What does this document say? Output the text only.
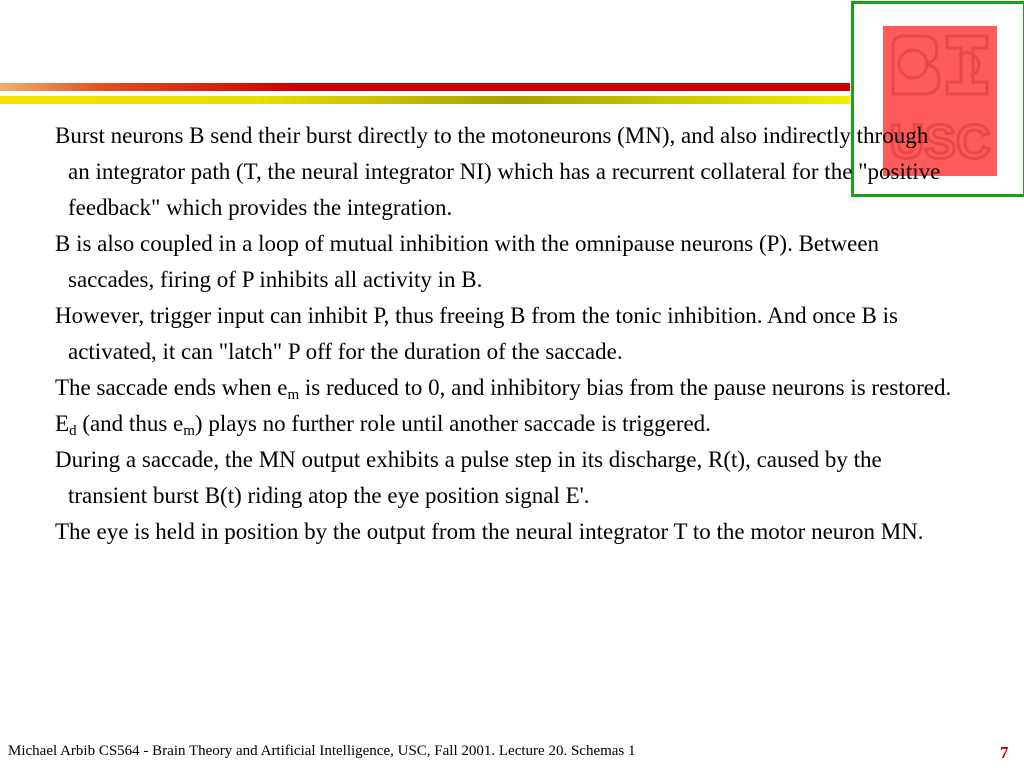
USC

Burst neurons B send their burst directly to the motoneurons (MN), and also indirectly through an integrator path (T, the neural integrator NI) which has a recurrent collateral for the "positive feedback" which provides the integration.

B is also coupled in a loop of mutual inhibition with the omnipause neurons (P). Between saccades, firing of P inhibits all activity in B.

However, trigger input can inhibit P, thus freeing B from the tonic inhibition. And once B is activated, it can "latch" P off for the duration of the saccade.

The saccade ends when $e_m$ is reduced to 0, and inhibitory bias from the pause neurons is restored.

$E_d$ (and thus $e_m$) plays no further role until another saccade is triggered.

During a saccade, the MN output exhibits a pulse step in its discharge, R(t), caused by the transient burst B(t) riding atop the eye position signal E'.

The eye is held in position by the output from the neural integrator T to the motor neuron MN.

Michael Arbib CS564 - Brain Theory and Artificial Intelligence, USC, Fall 2001. Lecture 20. Schemas 1	7
